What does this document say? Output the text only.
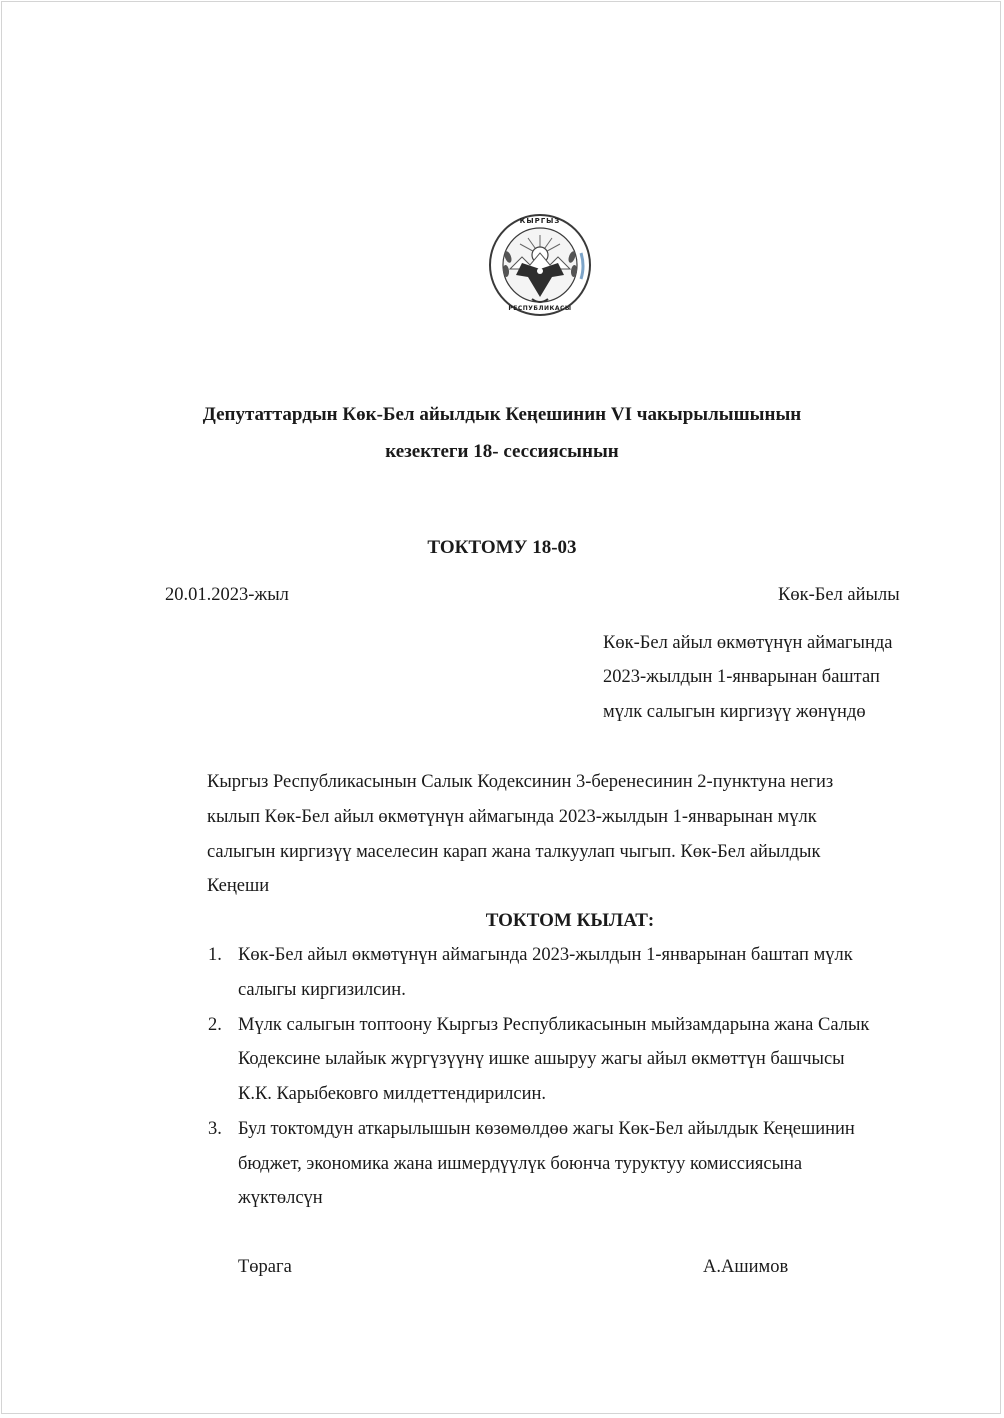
КЫРГЫЗ
РЕСПУБЛИКАСЫ
Депутаттардын Көк-Бел айылдык Кеңешинин VI чакырылышынын
кезектеги 18- сессиясынын
ТОКТОМУ 18-03
20.01.2023-жыл	Көк-Бел айылы
Көк-Бел айыл өкмөтүнүн аймагында
2023-жылдын 1-январынан баштап
мүлк салыгын киргизүү жөнүндө
Кыргыз Республикасынын Салык Кодексинин 3-беренесинин 2-пунктуна негиз
кылып Көк-Бел айыл өкмөтүнүн аймагында 2023-жылдын 1-январынан мүлк
салыгын киргизүү маселесин карап жана талкуулап чыгып. Көк-Бел айылдык
Кеңеши
ТОКТОМ КЫЛАТ:
1. Көк-Бел айыл өкмөтүнүн аймагында 2023-жылдын 1-январынан баштап мүлк
салыгы киргизилсин.
2. Мүлк салыгын топтоону Кыргыз Республикасынын мыйзамдарына жана Салык
Кодексине ылайык жүргүзүүнү ишке ашыруу жагы айыл өкмөттүн башчысы
К.К. Карыбековго милдеттендирилсин.
3. Бул токтомдун аткарылышын көзөмөлдөө жагы Көк-Бел айылдык Кеңешинин
бюджет, экономика жана ишмердүүлүк боюнча туруктуу комиссиясына
жүктөлсүн
Төрага	А.Ашимов
